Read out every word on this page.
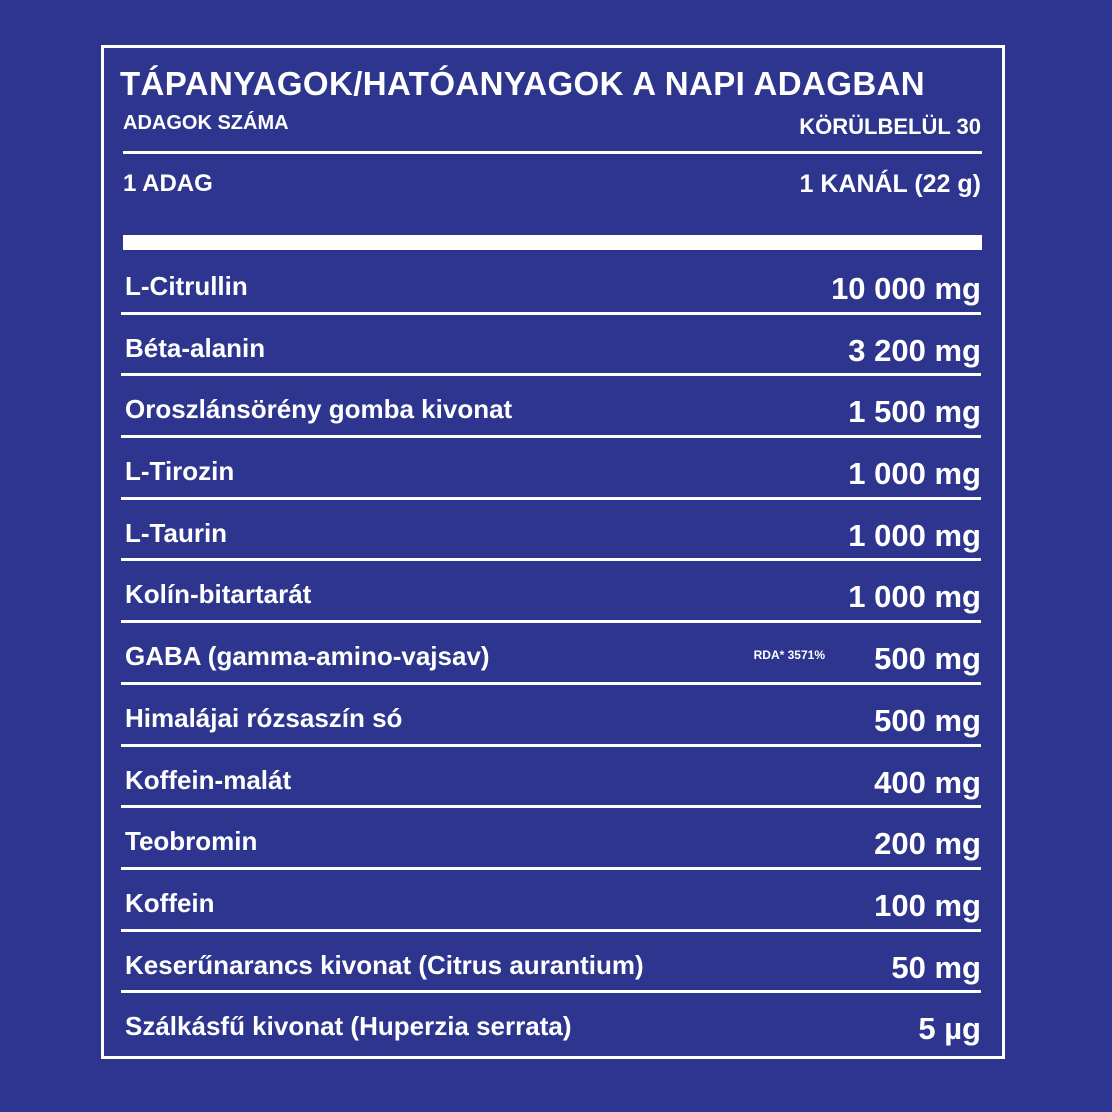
TÁPANYAGOK/HATÓANYAGOK A NAPI ADAGBAN
ADAGOK SZÁMA	KÖRÜLBELÜL 30
1 ADAG	1 KANÁL (22 g)
L-Citrullin	10 000 mg
Béta-alanin	3 200 mg
Oroszlánsörény gomba kivonat	1 500 mg
L-Tirozin	1 000 mg
L-Taurin	1 000 mg
Kolín-bitartarát	1 000 mg
GABA (gamma-amino-vajsav)	RDA* 3571% 500 mg
Himalájai rózsaszín só	500 mg
Koffein-malát	400 mg
Teobromin	200 mg
Koffein	100 mg
Keserűnarancs kivonat (Citrus aurantium)	50 mg
Szálkásfű kivonat (Huperzia serrata)	5 µg
